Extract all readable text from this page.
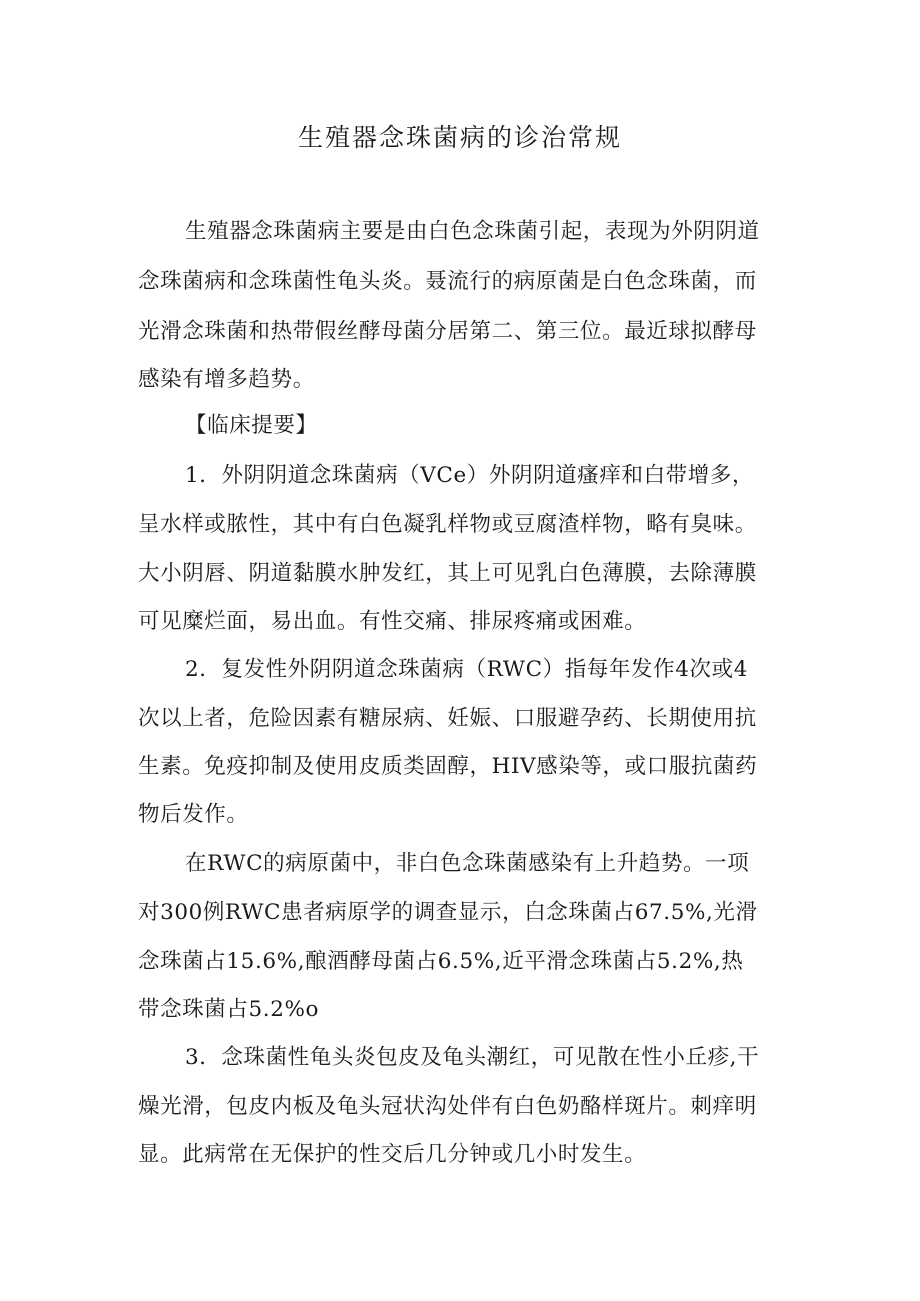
生殖器念珠菌病的诊治常规
生殖器念珠菌病主要是由白色念珠菌引起，表现为外阴阴道
念珠菌病和念珠菌性龟头炎。聂流行的病原菌是白色念珠菌，而
光滑念珠菌和热带假丝酵母菌分居第二、第三位。最近球拟酵母
感染有增多趋势。
【临床提要】
1．外阴阴道念珠菌病（VCe）外阴阴道瘙痒和白带增多，
呈水样或脓性，其中有白色凝乳样物或豆腐渣样物，略有臭味。
大小阴唇、阴道黏膜水肿发红，其上可见乳白色薄膜，去除薄膜
可见糜烂面，易出血。有性交痛、排尿疼痛或困难。
2．复发性外阴阴道念珠菌病（RWC）指每年发作4次或4
次以上者，危险因素有糖尿病、妊娠、口服避孕药、长期使用抗
生素。免疫抑制及使用皮质类固醇，HIV感染等，或口服抗菌药
物后发作。
在RWC的病原菌中，非白色念珠菌感染有上升趋势。一项
对300例RWC患者病原学的调查显示，白念珠菌占67.5%,光滑
念珠菌占15.6%,酿酒酵母菌占6.5%,近平滑念珠菌占5.2%,热
带念珠菌占5.2%o
3．念珠菌性龟头炎包皮及龟头潮红，可见散在性小丘疹,干
燥光滑，包皮内板及龟头冠状沟处伴有白色奶酪样斑片。刺痒明
显。此病常在无保护的性交后几分钟或几小时发生。
